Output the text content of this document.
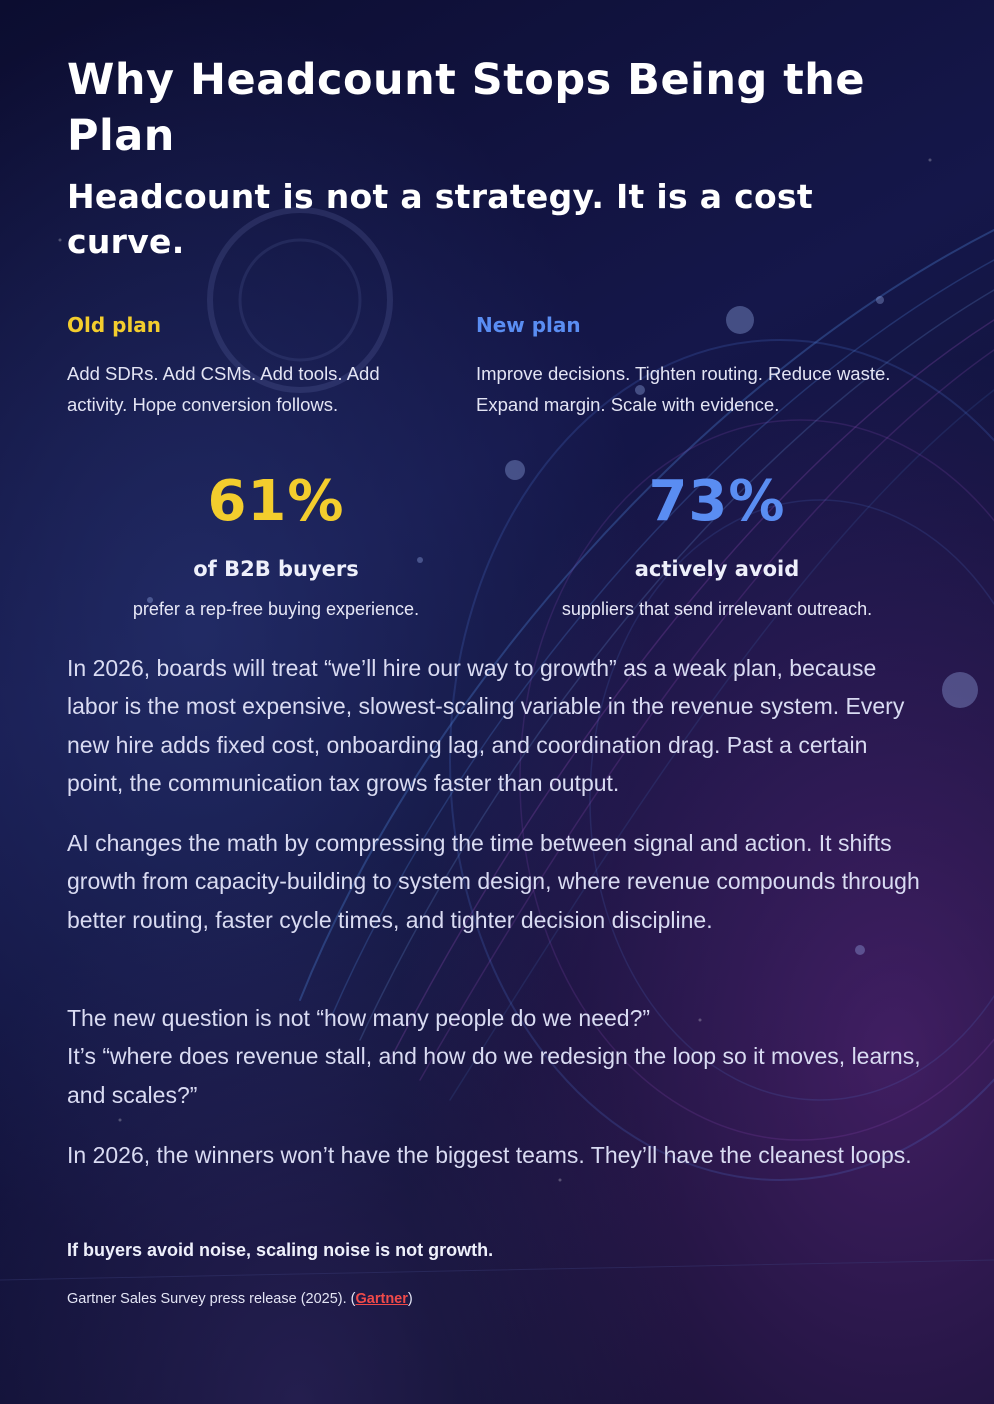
Why Headcount Stops Being the Plan
Headcount is not a strategy. It is a cost curve.
Old plan

Add SDRs. Add CSMs. Add tools. Add activity. Hope conversion follows.

New plan

Improve decisions. Tighten routing. Reduce waste. Expand margin. Scale with evidence.

61%
of B2B buyers
prefer a rep-free buying experience.
73%
actively avoid
suppliers that send irrelevant outreach.

In 2026, boards will treat “we’ll hire our way to growth” as a weak plan, because labor is the most expensive, slowest-scaling variable in the revenue system. Every new hire adds fixed cost, onboarding lag, and coordination drag. Past a certain point, the communication tax grows faster than output.

AI changes the math by compressing the time between signal and action. It shifts growth from capacity-building to system design, where revenue compounds through better routing, faster cycle times, and tighter decision discipline.

The new question is not “how many people do we need?”
It’s “where does revenue stall, and how do we redesign the loop so it moves, learns, and scales?”

In 2026, the winners won’t have the biggest teams. They’ll have the cleanest loops.

If buyers avoid noise, scaling noise is not growth.

Gartner Sales Survey press release (2025). (Gartner)
